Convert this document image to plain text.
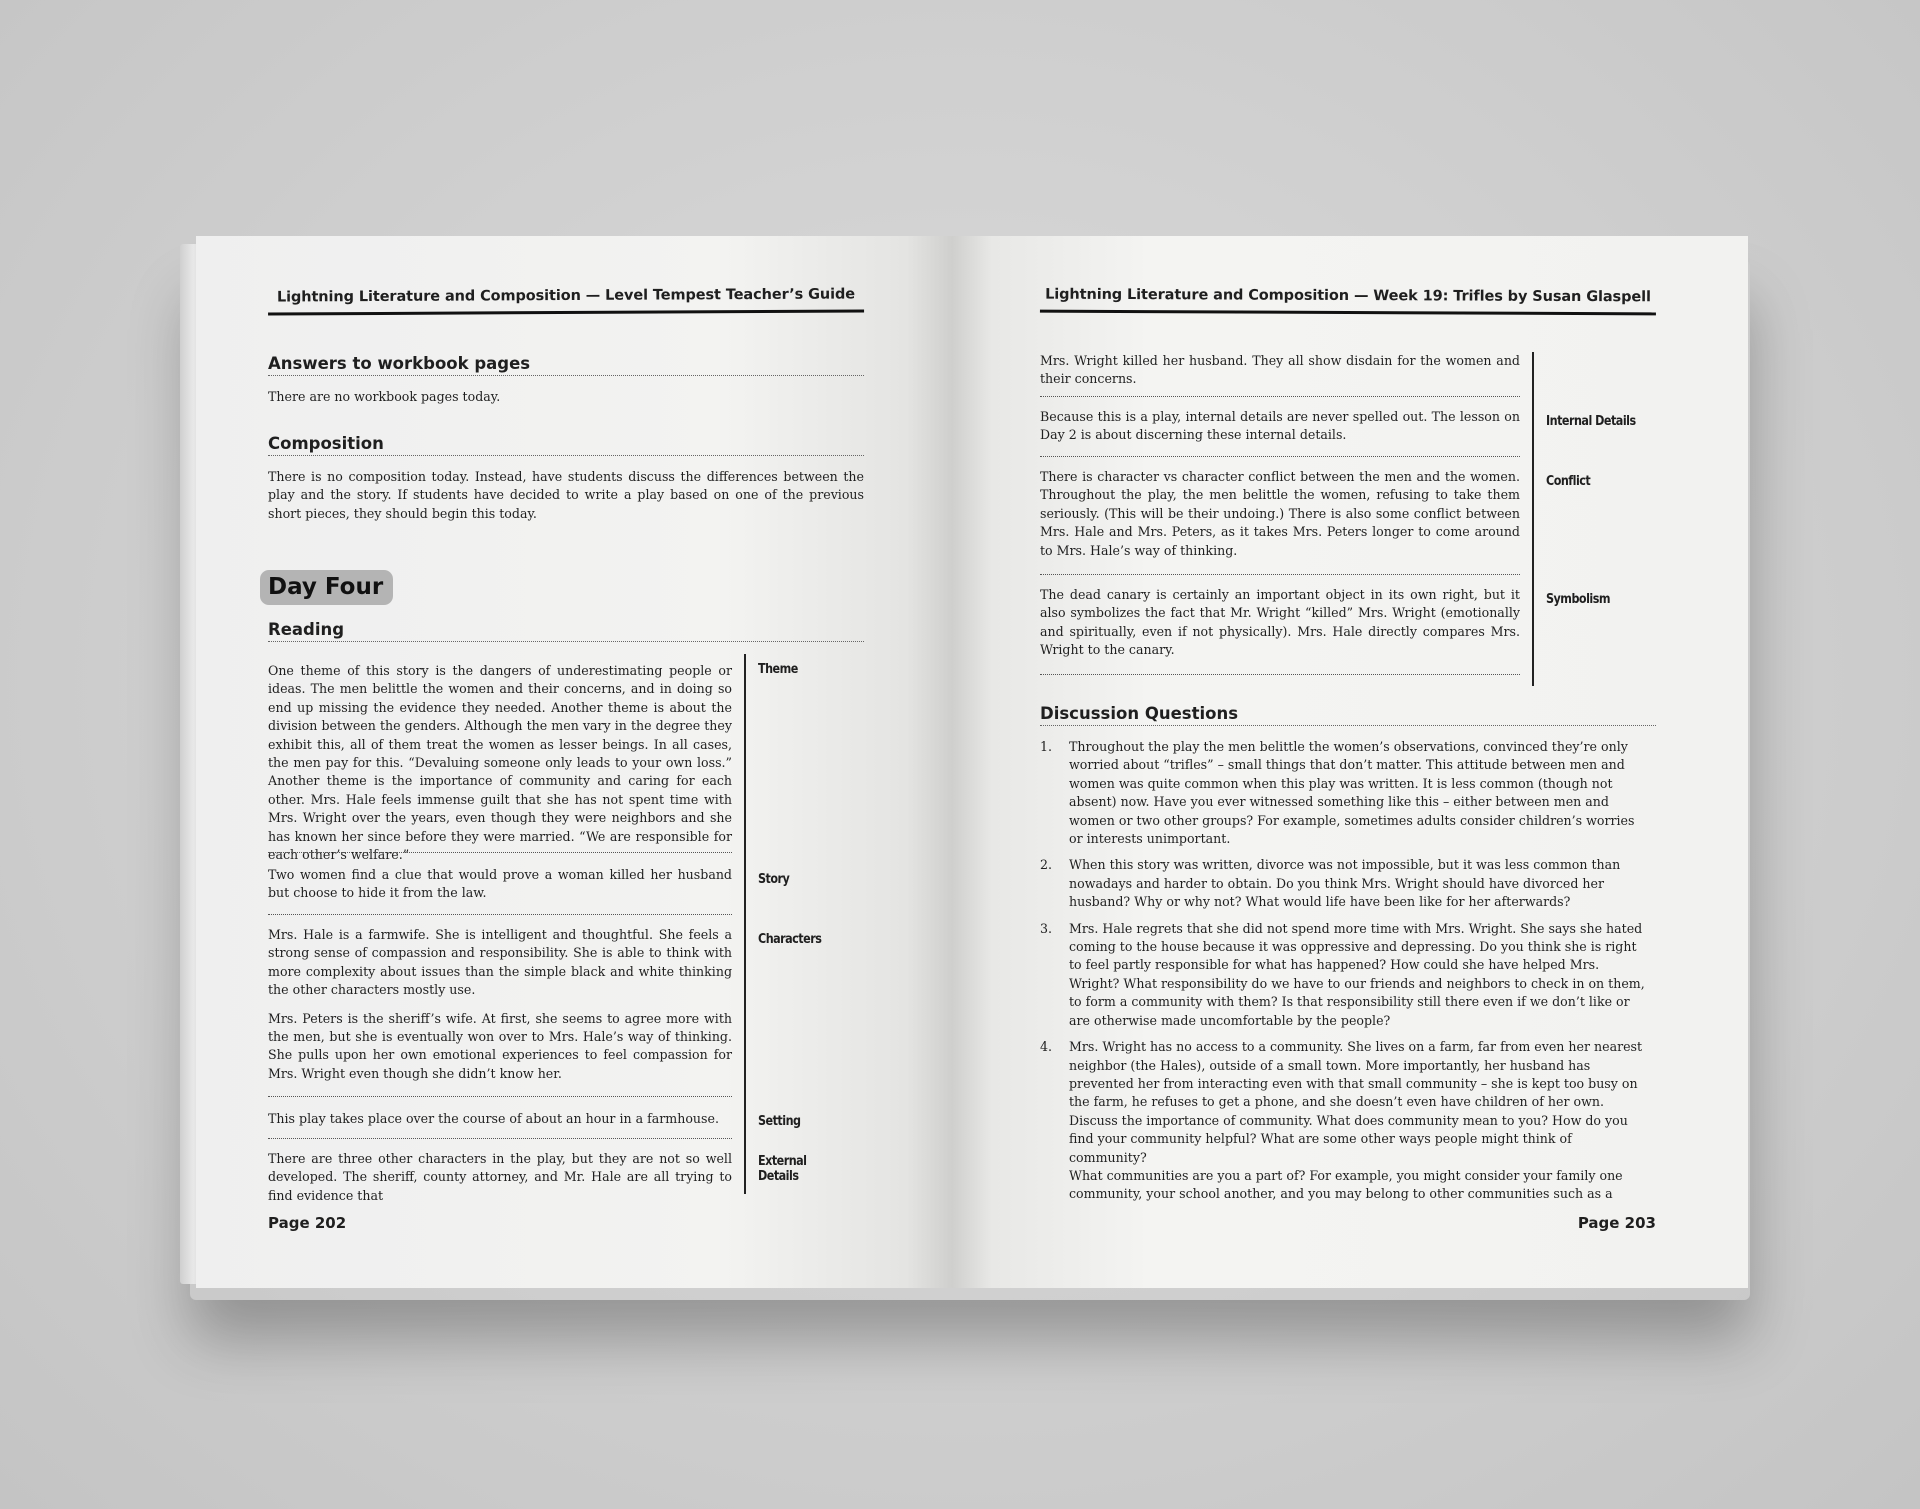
Lightning Literature and Composition — Level Tempest Teacher’s Guide
Answers to workbook pages

There are no workbook pages today.

Composition

There is no composition today. Instead, have students discuss the differences between the play and the story. If students have decided to write a play based on one of the previous short pieces, they should begin this today.

Day Four
Reading

One theme of this story is the dangers of underestimating people or ideas. The men belittle the women and their concerns, and in doing so end up missing the evidence they needed. Another theme is about the division between the genders. Although the men vary in the degree they exhibit this, all of them treat the women as lesser beings. In all cases, the men pay for this. “Devaluing someone only leads to your own loss.” Another theme is the importance of community and caring for each other. Mrs. Hale feels immense guilt that she has not spent time with Mrs. Wright over the years, even though they were neighbors and she has known her since before they were married. “We are responsible for each other’s welfare.”

Theme

Two women find a clue that would prove a woman killed her husband but choose to hide it from the law.

Story

Mrs. Hale is a farmwife. She is intelligent and thoughtful. She feels a strong sense of compassion and responsibility. She is able to think with more complexity about issues than the simple black and white thinking the other characters mostly use.

Mrs. Peters is the sheriff’s wife. At first, she seems to agree more with the men, but she is eventually won over to Mrs. Hale’s way of thinking. She pulls upon her own emotional experiences to feel compassion for Mrs. Wright even though she didn’t know her.

Characters

This play takes place over the course of about an hour in a farmhouse.	Setting

There are three other characters in the play, but they are not so well developed. The sheriff, county attorney, and Mr. Hale are all trying to find evidence that

External Details
Page 202
Lightning Literature and Composition — Week 19: Trifles by Susan Glaspell

Mrs. Wright killed her husband. They all show disdain for the women and their concerns.

Because this is a play, internal details are never spelled out. The lesson on Day 2 is about discerning these internal details.

Internal Details

There is character vs character conflict between the men and the women. Throughout the play, the men belittle the women, refusing to take them seriously. (This will be their undoing.) There is also some conflict between Mrs. Hale and Mrs. Peters, as it takes Mrs. Peters longer to come around to Mrs. Hale’s way of thinking.

Conflict

The dead canary is certainly an important object in its own right, but it also symbolizes the fact that Mr. Wright “killed” Mrs. Wright (emotionally and spiritually, even if not physically). Mrs. Hale directly compares Mrs. Wright to the canary.

Symbolism
Discussion Questions
1. Throughout the play the men belittle the women’s observations, convinced they’re only worried about “trifles” – small things that don’t matter. This attitude between men and women was quite common when this play was written. It is less common (though not absent) now. Have you ever witnessed something like this – either between men and women or two other groups? For example, sometimes adults consider children’s worries or interests unimportant.
2. When this story was written, divorce was not impossible, but it was less common than nowadays and harder to obtain. Do you think Mrs. Wright should have divorced her husband? Why or why not? What would life have been like for her afterwards?
3. Mrs. Hale regrets that she did not spend more time with Mrs. Wright. She says she hated coming to the house because it was oppressive and depressing. Do you think she is right to feel partly responsible for what has happened? How could she have helped Mrs. Wright? What responsibility do we have to our friends and neighbors to check in on them, to form a community with them? Is that responsibility still there even if we don’t like or are otherwise made uncomfortable by the people?
4. Mrs. Wright has no access to a community. She lives on a farm, far from even her nearest neighbor (the Hales), outside of a small town. More importantly, her husband has prevented her from interacting even with that small community – she is kept too busy on the farm, he refuses to get a phone, and she doesn’t even have children of her own. Discuss the importance of community. What does community mean to you? How do you find your community helpful? What are some other ways people might think of community?
What communities are you a part of? For example, you might consider your family one community, your school another, and you may belong to other communities such as a
Page 203
